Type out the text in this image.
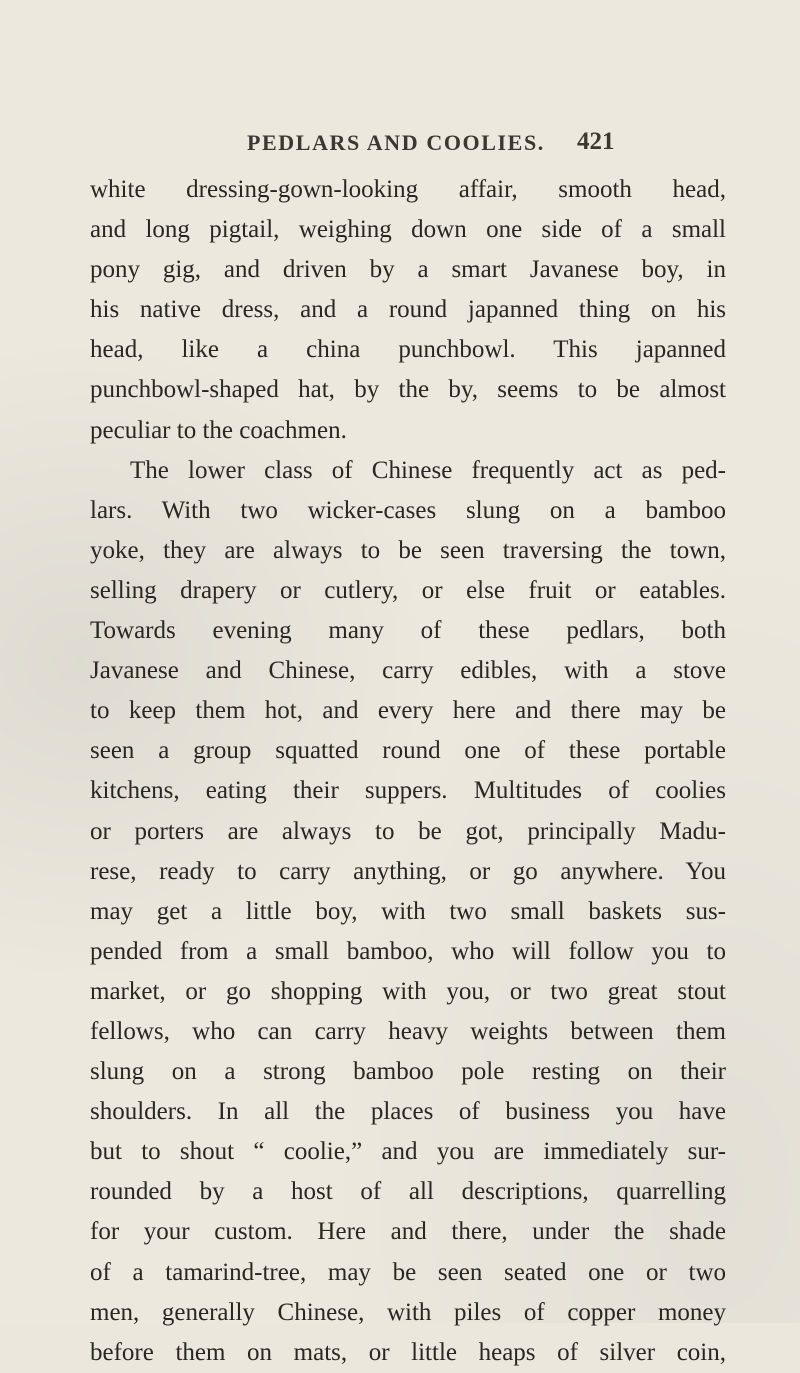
PEDLARS AND COOLIES. 421
white dressing-gown-looking affair, smooth head,
and long pigtail, weighing down one side of a small
pony gig, and driven by a smart Javanese boy, in
his native dress, and a round japanned thing on his
head, like a china punchbowl. This japanned
punchbowl-shaped hat, by the by, seems to be almost
peculiar to the coachmen.
The lower class of Chinese frequently act as ped-
lars. With two wicker-cases slung on a bamboo
yoke, they are always to be seen traversing the town,
selling drapery or cutlery, or else fruit or eatables.
Towards evening many of these pedlars, both
Javanese and Chinese, carry edibles, with a stove
to keep them hot, and every here and there may be
seen a group squatted round one of these portable
kitchens, eating their suppers. Multitudes of coolies
or porters are always to be got, principally Madu-
rese, ready to carry anything, or go anywhere. You
may get a little boy, with two small baskets sus-
pended from a small bamboo, who will follow you to
market, or go shopping with you, or two great stout
fellows, who can carry heavy weights between them
slung on a strong bamboo pole resting on their
shoulders. In all the places of business you have
but to shout “ coolie,” and you are immediately sur-
rounded by a host of all descriptions, quarrelling
for your custom. Here and there, under the shade
of a tamarind-tree, may be seen seated one or two
men, generally Chinese, with piles of copper money
before them on mats, or little heaps of silver coin,
